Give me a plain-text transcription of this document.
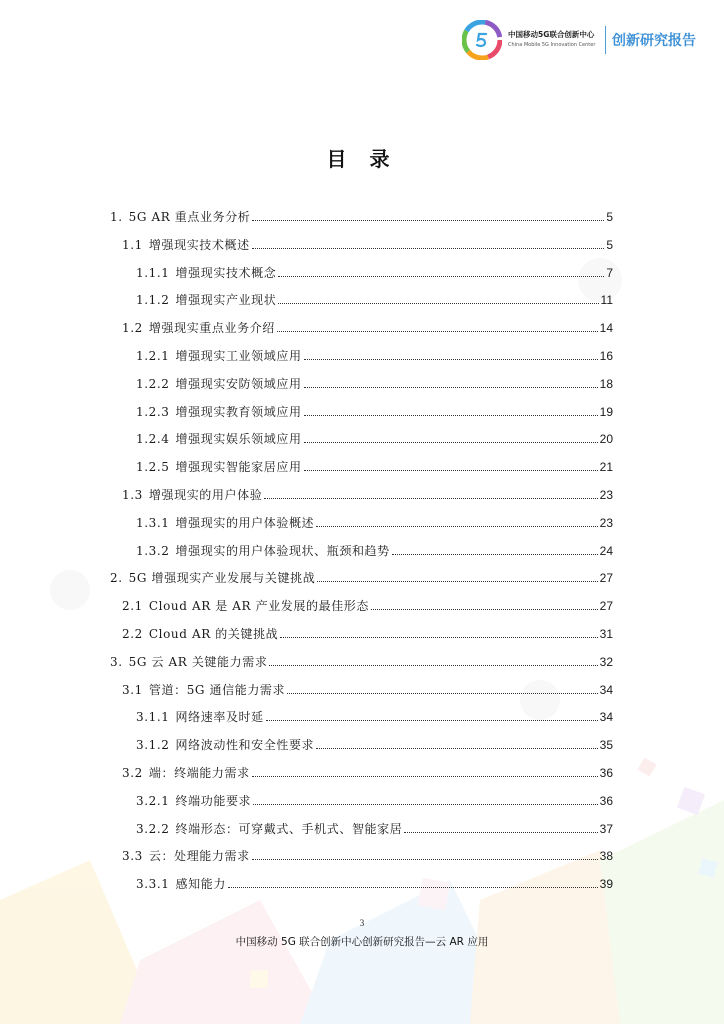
中国移动5G联合创新中心
China Mobile 5G Innovation Center 创新研究报告
目 录
1. 5G AR 重点业务分析	5
1.1 增强现实技术概述	5
1.1.1 增强现实技术概念	7
1.1.2 增强现实产业现状	11
1.2 增强现实重点业务介绍	14
1.2.1 增强现实工业领域应用	16
1.2.2 增强现实安防领域应用	18
1.2.3 增强现实教育领域应用	19
1.2.4 增强现实娱乐领域应用	20
1.2.5 增强现实智能家居应用	21
1.3 增强现实的用户体验	23
1.3.1 增强现实的用户体验概述	23
1.3.2 增强现实的用户体验现状、瓶颈和趋势	24
2. 5G 增强现实产业发展与关键挑战	27
2.1 Cloud AR 是 AR 产业发展的最佳形态	27
2.2 Cloud AR 的关键挑战	31
3. 5G 云 AR 关键能力需求	32
3.1 管道：5G 通信能力需求	34
3.1.1 网络速率及时延	34
3.1.2 网络波动性和安全性要求	35
3.2 端：终端能力需求	36
3.2.1 终端功能要求	36
3.2.2 终端形态：可穿戴式、手机式、智能家居	37
3.3 云：处理能力需求	38
3.3.1 感知能力	39
3
中国移动 5G 联合创新中心创新研究报告—云 AR 应用
